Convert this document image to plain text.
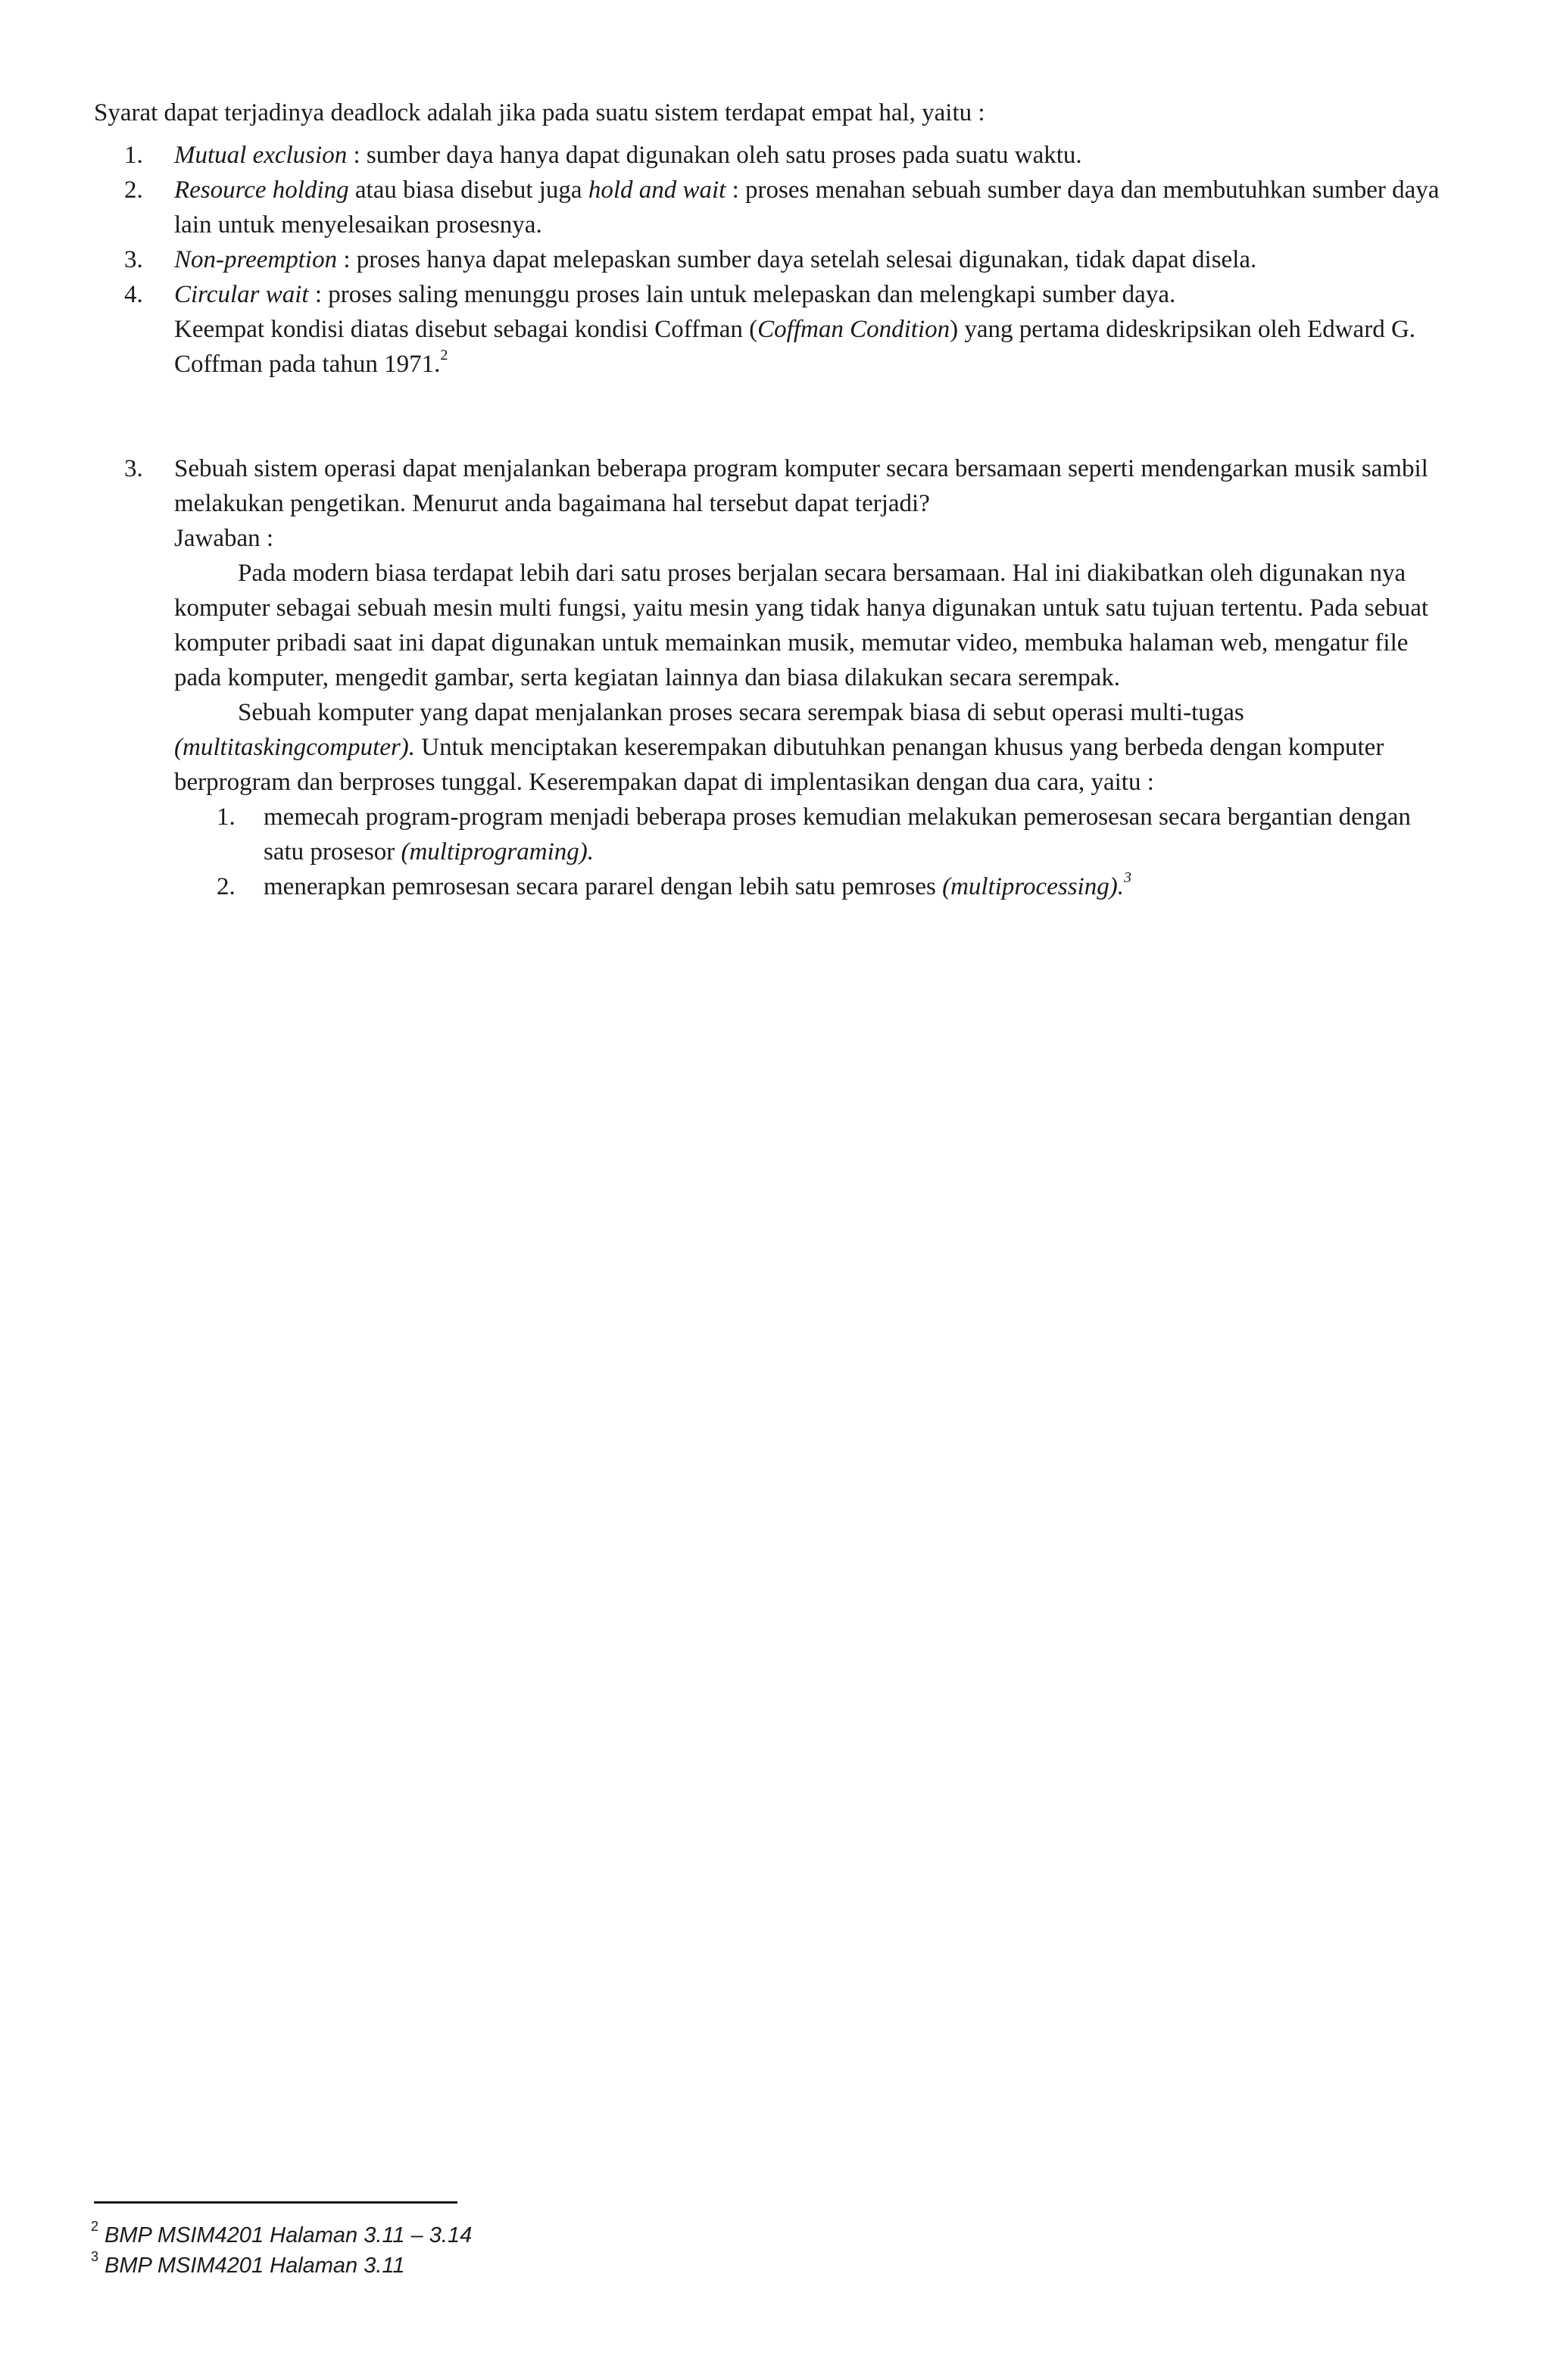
Syarat dapat terjadinya deadlock adalah jika pada suatu sistem terdapat empat hal, yaitu :

1. Mutual exclusion : sumber daya hanya dapat digunakan oleh satu proses pada suatu waktu.
2. Resource holding atau biasa disebut juga hold and wait : proses menahan sebuah sumber daya dan membutuhkan sumber daya lain untuk menyelesaikan prosesnya.
3. Non-preemption : proses hanya dapat melepaskan sumber daya setelah selesai digunakan, tidak dapat disela.
4. Circular wait : proses saling menunggu proses lain untuk melepaskan dan melengkapi sumber daya.
Keempat kondisi diatas disebut sebagai kondisi Coffman (Coffman Condition) yang pertama dideskripsikan oleh Edward G. Coffman pada tahun 1971.$^2$
3. Sebuah sistem operasi dapat menjalankan beberapa program komputer secara bersamaan seperti mendengarkan musik sambil melakukan pengetikan. Menurut anda bagaimana hal tersebut dapat terjadi?
Jawaban :

Pada modern biasa terdapat lebih dari satu proses berjalan secara bersamaan. Hal ini diakibatkan oleh digunakan nya komputer sebagai sebuah mesin multi fungsi, yaitu mesin yang tidak hanya digunakan untuk satu tujuan tertentu. Pada sebuat komputer pribadi saat ini dapat digunakan untuk memainkan musik, memutar video, membuka halaman web, mengatur file pada komputer, mengedit gambar, serta kegiatan lainnya dan biasa dilakukan secara serempak.

Sebuah komputer yang dapat menjalankan proses secara serempak biasa di sebut operasi multi-tugas (multitaskingcomputer). Untuk menciptakan keserempakan dibutuhkan penangan khusus yang berbeda dengan komputer berprogram dan berproses tunggal. Keserempakan dapat di implentasikan dengan dua cara, yaitu :

1. memecah program-program menjadi beberapa proses kemudian melakukan pemerosesan secara bergantian dengan satu prosesor (multiprograming).
2. menerapkan pemrosesan secara pararel dengan lebih satu pemroses (multiprocessing).$^3$
$^2$ BMP MSIM4201 Halaman 3.11 – 3.14
$^3$ BMP MSIM4201 Halaman 3.11
